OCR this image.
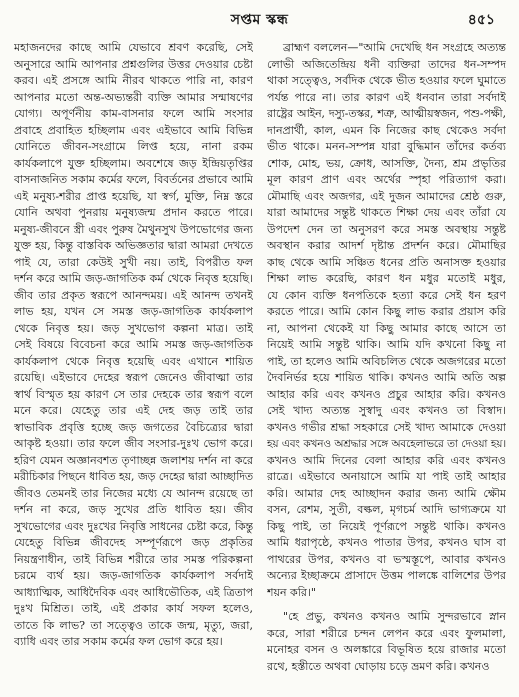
সপ্তম স্কন্ধ	৪৫১
মহাজনদের কাছে আমি যেভাবে শ্রবণ করেছি, সেই
অনুসারে আমি আপনার প্রশ্নগুলির উত্তর দেওয়ার চেষ্টা
করব। এই প্রসঙ্গে আমি নীরব থাকতে পারি না, কারণ
আপনার মতো অন্ত-অভ্যন্তরী ব্যক্তি আমার সন্মাষণের
যোগ্য। অপূর্ণনীয় কাম-বাসনার ফলে আমি সংসার
প্রবাহে প্রবাহিত হচ্ছিলাম এবং এইভাবে আমি বিভিন্ন
যোনিতে জীবন-সংগ্রামে লিপ্ত হয়ে, নানা রকম
কার্যকলাপে যুক্ত হচ্ছিলাম। অবশেষে জড় ইন্দ্রিয়তৃপ্তির
বাসনাজনিত সকাম কর্মের ফলে, বিবর্তনের প্রভাবে আমি
এই মনুষ্য-শরীর প্রাপ্ত হয়েছি, যা স্বর্গ, মুক্তি, নিম্ন স্তরে
যোনি অথবা পুনরায় মনুষ্যজন্ম প্রদান করতে পারে।
মনুষ্য-জীবনে স্ত্রী এবং পুরুষ মৈথুনসুখ উপভোগের জন্য
যুক্ত হয়, কিন্তু বাস্তবিক অভিজ্ঞতার দ্বারা আমরা দেখতে
পাই যে, তারা কেউই সুখী নয়। তাই, বিপরীত ফল
দর্শন করে আমি জড়-জাগতিক কর্ম থেকে নিবৃত্ত হয়েছি।
জীব তার প্রকৃত স্বরূপে আনন্দময়। এই আনন্দ তখনই
লাভ হয়, যখন সে সমস্ত জড়-জাগতিক কার্যকলাপ
থেকে নিবৃত্ত হয়। জড় সুখভোগ কল্পনা মাত্র। তাই
সেই বিষয়ে বিবেচনা করে আমি সমস্ত জড়-জাগতিক
কার্যকলাপ থেকে নিবৃত্ত হয়েছি এবং এখানে শায়িত
রয়েছি। এইভাবে দেহের স্বরূপ জেনেও জীবাত্মা তার
স্বার্থ বিস্মৃত হয় কারণ সে তার দেহকে তার স্বরূপ বলে
মনে করে। যেহেতু তার এই দেহ জড় তাই তার
স্বাভাবিক প্রবৃত্তি হচ্ছে জড় জগতের বৈচিত্র্যের দ্বারা
আকৃষ্ট হওয়া। তার ফলে জীব সংসার-দুঃখ ভোগ করে।
হরিণ যেমন অজ্ঞানবশত তৃণাচ্ছন্ন জলাশয় দর্শন না করে
মরীচিকার পিছনে ধাবিত হয়, জড় দেহের দ্বারা আচ্ছাদিত
জীবও তেমনই তার নিজের মধ্যে যে আনন্দ রয়েছে তা
দর্শন না করে, জড় সুখের প্রতি ধাবিত হয়। জীব
সুখভোগের এবং দুঃখের নিবৃত্তি সাধনের চেষ্টা করে, কিন্তু
যেহেতু বিভিন্ন জীবদেহ সম্পূর্ণরূপে জড় প্রকৃতির
নিয়ন্ত্রণাধীন, তাই বিভিন্ন শরীরে তার সমস্ত পরিকল্পনা
চরমে ব্যর্থ হয়। জড়-জাগতিক কার্যকলাপ সর্বদাই
আধ্যাত্মিক, আধিদৈবিক এবং আধিভৌতিক, এই ত্রিতাপ
দুঃখ মিশ্রিত। তাই, এই প্রকার কার্য সফল হলেও,
তাতে কি লাভ? তা সত্ত্বেও তাকে জন্ম, মৃত্যু, জরা,
ব্যাধি এবং তার সকাম কর্মের ফল ভোগ করে হয়।
ব্রাহ্মণ বললেন—"আমি দেখেছি ধন সংগ্রহে অত্যন্ত
লোভী অজিতেন্দ্রিয় ধনী ব্যক্তিরা তাদের ধন-সম্পদ
থাকা সত্ত্বেও, সর্বদিক থেকে ভীত হওয়ার ফলে ঘুমাতে
পর্যন্ত পারে না। তার কারণ এই ধনবান তারা সর্বদাই
রাষ্ট্রের আইন, দস্যু-তস্কর, শত্রু, আত্মীয়স্বজন, পশু-পক্ষী,
দানপ্রার্থী, কাল, এমন কি নিজের কাছ থেকেও সর্বদা
ভীত থাকে। মনন-সম্পন্ন যারা বুদ্ধিমান তাঁদের কর্তব্য
শোক, মোহ, ভয়, ক্রোধ, আসক্তি, দৈন্য, শ্রম প্রভৃতির
মূল কারণ প্রাণ এবং অর্থের স্পৃহা পরিত্যাগ করা।
মৌমাছি এবং অজগর, এই দুজন আমাদের শ্রেষ্ঠ গুরু,
যারা আমাদের সন্তুষ্ট থাকতে শিক্ষা দেয় এবং তাঁরা যে
উপদেশ দেন তা অনুসরণ করে সমস্ত অবস্থায় সন্তুষ্ট
অবস্থান করার আদর্শ দৃষ্টান্ত প্রদর্শন করে। মৌমাছির
কাছ থেকে আমি সঞ্চিত ধনের প্রতি অনাসক্ত হওয়ার
শিক্ষা লাভ করেছি, কারণ ধন মধুর মতোই মধুর,
যে কোন ব্যক্তি ধনপতিকে হত্যা করে সেই ধন হরণ
করতে পারে। আমি কোন কিছু লাভ করার প্রয়াস করি
না, আপনা থেকেই যা কিছু আমার কাছে আসে তা
নিয়েই আমি সন্তুষ্ট থাকি। আমি যদি কখনো কিছু না
পাই, তা হলেও আমি অবিচলিত থেকে অজগরের মতো
দৈবনির্ভর হয়ে শায়িত থাকি। কখনও আমি অতি অল্প
আহার করি এবং কখনও প্রচুর আহার করি। কখনও
সেই খাদ্য অত্যন্ত সুস্বাদু এবং কখনও তা বিস্বাদ।
কখনও গভীর শ্রদ্ধা সহকারে সেই খাদ্য আমাকে দেওয়া
হয় এবং কখনও অশ্রদ্ধার সঙ্গে অবহেলাভরে তা দেওয়া হয়।
কখনও আমি দিনের বেলা আহার করি এবং কখনও
রাত্রে। এইভাবে অনায়াসে আমি যা পাই তাই আহার
করি। আমার দেহ আচ্ছাদন করার জন্য আমি ক্ষৌম
বসন, রেশম, সুতী, বল্কল, মৃগচর্ম আদি ভাগ্যক্রমে যা
কিছু পাই, তা নিয়েই পূর্ণরূপে সন্তুষ্ট থাকি। কখনও
আমি ধরাপৃষ্ঠে, কখনও পাতার উপর, কখনও ঘাস বা
পাথরের উপর, কখনও বা ভস্মস্তূপে, আবার কখনও
অন্যের ইচ্ছাক্রমে প্রাসাদে উত্তম পালঙ্কে বালিশের উপর
শয়ন করি।"
"হে প্রভু, কখনও কখনও আমি সুন্দরভাবে স্নান
করে, সারা শরীরে চন্দন লেপন করে এবং ফুলমালা,
মনোহর বসন ও অলঙ্কারে বিভূষিত হয়ে রাজার মতো
রথে, হস্তীতে অথবা ঘোড়ায় চড়ে ভ্রমণ করি। কখনও
